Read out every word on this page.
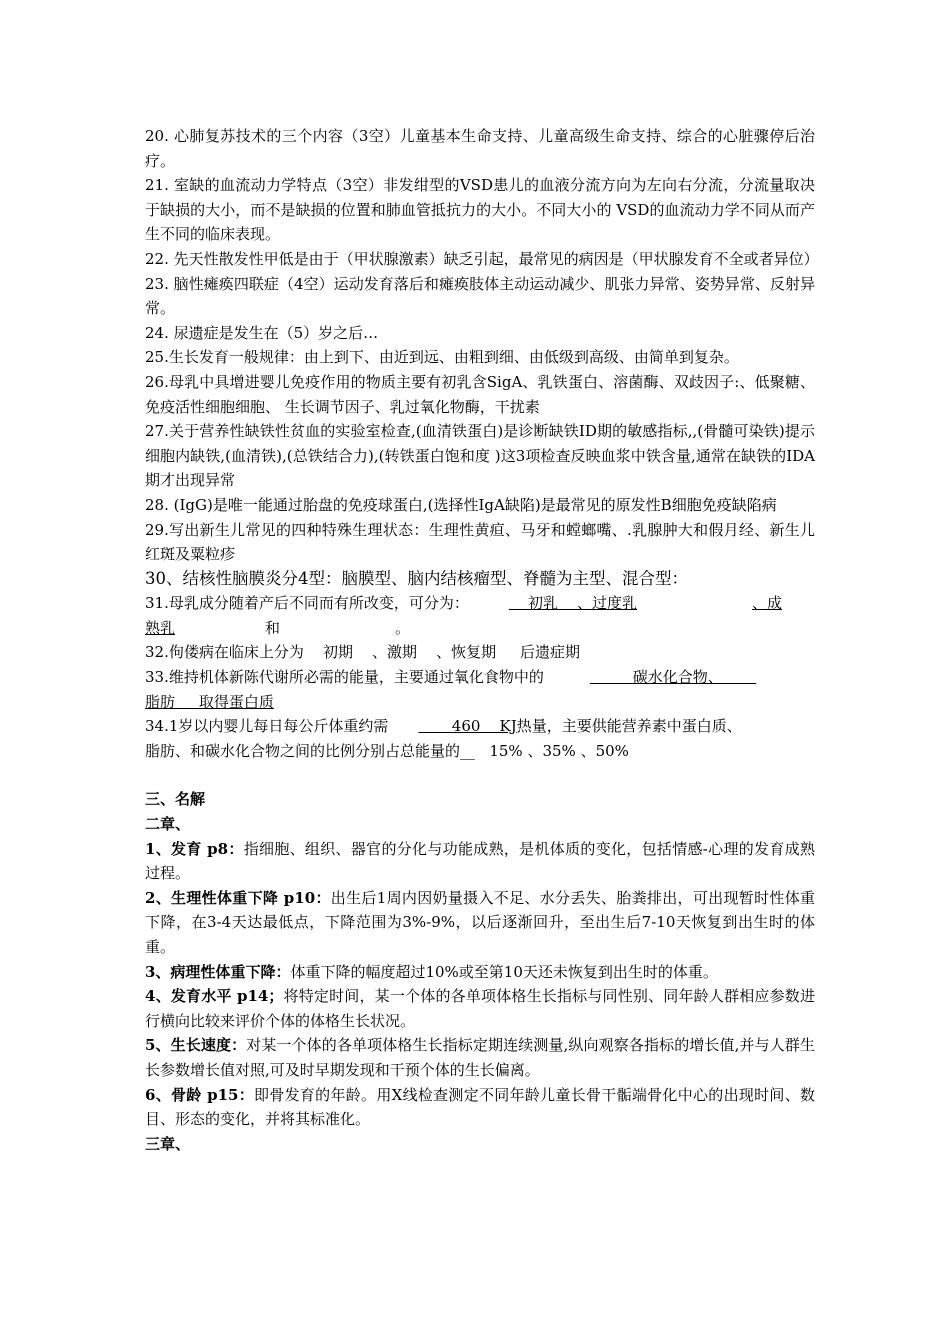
20. 心肺复苏技术的三个内容（3空）儿童基本生命支持、儿童高级生命支持、综合的心脏骤停后治疗。

21. 室缺的血流动力学特点（3空）非发绀型的VSD患儿的血液分流方向为左向右分流，分流量取决于缺损的大小，而不是缺损的位置和肺血管抵抗力的大小。不同大小的 VSD的血流动力学不同从而产生不同的临床表现。

22. 先天性散发性甲低是由于（甲状腺激素）缺乏引起，最常见的病因是（甲状腺发育不全或者异位）

23. 脑性瘫痪四联症（4空）运动发育落后和瘫痪肢体主动运动减少、肌张力异常、姿势异常、反射异常。

24. 尿遗症是发生在（5）岁之后…

25.生长发育一般规律：由上到下、由近到远、由粗到细、由低级到高级、由简单到复杂。

26.母乳中具增进婴儿免疫作用的物质主要有初乳含SigA、乳铁蛋白、溶菌酶、双歧因子:、低聚糖、免疫活性细胞细胞、 生长调节因子、乳过氧化物酶，干扰素

27.关于营养性缺铁性贫血的实验室检查,(血清铁蛋白)是诊断缺铁ID期的敏感指标,,(骨髓可染铁)提示细胞内缺铁,(血清铁),(总铁结合力),(转铁蛋白饱和度 )这3项检查反映血浆中铁含量,通常在缺铁的IDA期才出现异常

28. (IgG)是唯一能通过胎盘的免疫球蛋白,(选择性IgA缺陷)是最常见的原发性B细胞免疫缺陷病

29.写出新生儿常见的四种特殊生理状态：生理性黄疸、马牙和螳螂嘴、.乳腺肿大和假月经、新生儿红斑及粟粒疹

30、结核性脑膜炎分4型：脑膜型、脑内结核瘤型、脊髓为主型、混合型：

31.母乳成分随着产后不同而有所改变，可分为：	初乳 、过度乳	、成
熟乳	和	。

32.佝偻病在临床上分为 初期 、激期 、恢复期 后遗症期

33.维持机体新陈代谢所必需的能量，主要通过氧化食物中的	碳水化合物、
脂肪 取得蛋白质

34.1岁以内婴儿每日每公斤体重约需	460 KJ热量，主要供能营养素中蛋白质、
脂肪、和碳水化合物之间的比例分别占总能量的__ 15% 、35% 、50%

三、名解

二章、

1、发育 p8：指细胞、组织、器官的分化与功能成熟，是机体质的变化，包括情感-心理的发育成熟过程。

2、生理性体重下降 p10：出生后1周内因奶量摄入不足、水分丢失、胎粪排出，可出现暂时性体重下降，在3-4天达最低点，下降范围为3%-9%，以后逐渐回升，至出生后7-10天恢复到出生时的体重。

3、病理性体重下降：体重下降的幅度超过10%或至第10天还未恢复到出生时的体重。

4、发育水平 p14；将特定时间，某一个体的各单项体格生长指标与同性别、同年龄人群相应参数进行横向比较来评价个体的体格生长状况。

5、生长速度：对某一个体的各单项体格生长指标定期连续测量,纵向观察各指标的增长值,并与人群生长参数增长值对照,可及时早期发现和干预个体的生长偏离。

6、骨龄 p15：即骨发育的年龄。用X线检查测定不同年龄儿童长骨干骺端骨化中心的出现时间、数目、形态的变化，并将其标准化。

三章、
